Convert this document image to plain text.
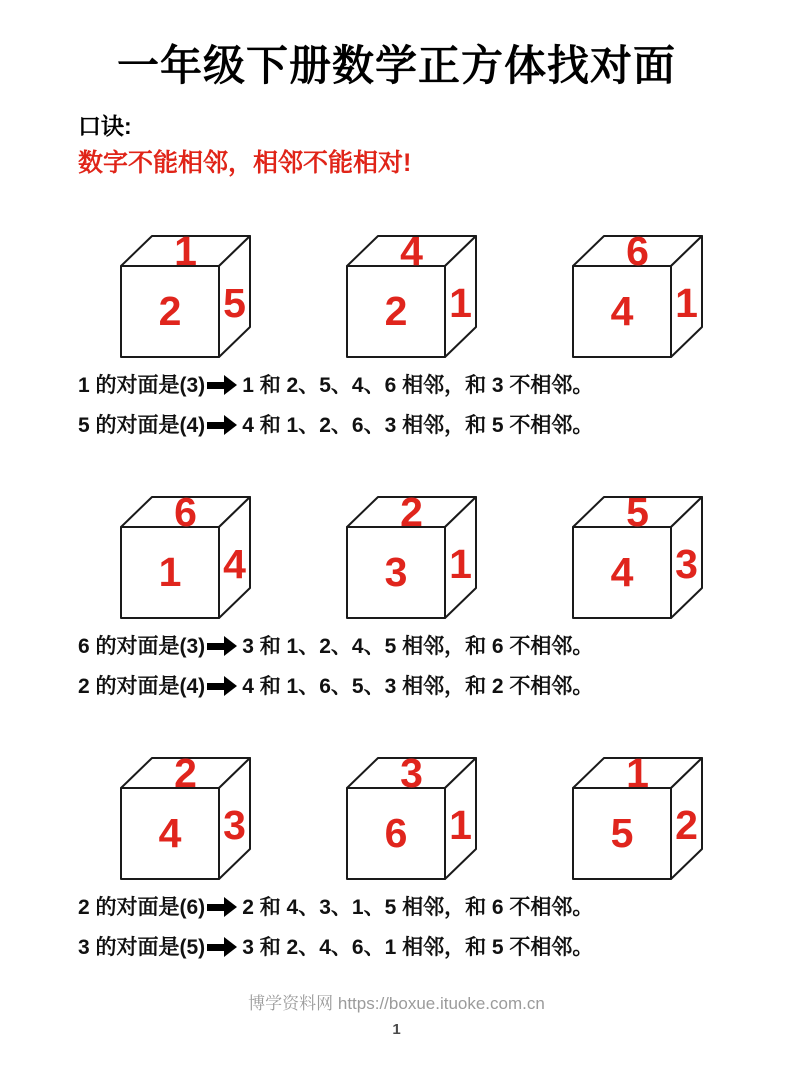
一年级下册数学正方体找对面
口诀:
数字不能相邻，相邻不能相对!
1
2	5
4
2	1
6
4	1
1 的对面是(3) 1 和 2、5、4、6 相邻，和 3 不相邻。
5 的对面是(4) 4 和 1、2、6、3 相邻，和 5 不相邻。
6
1	4
2
3	1
5
4	3
6 的对面是(3) 3 和 1、2、4、5 相邻，和 6 不相邻。
2 的对面是(4) 4 和 1、6、5、3 相邻，和 2 不相邻。
2
4	3
3
6	1
1
5	2
2 的对面是(6) 2 和 4、3、1、5 相邻，和 6 不相邻。
3 的对面是(5) 3 和 2、4、6、1 相邻，和 5 不相邻。
博学资料网 https://boxue.ituoke.com.cn
1
